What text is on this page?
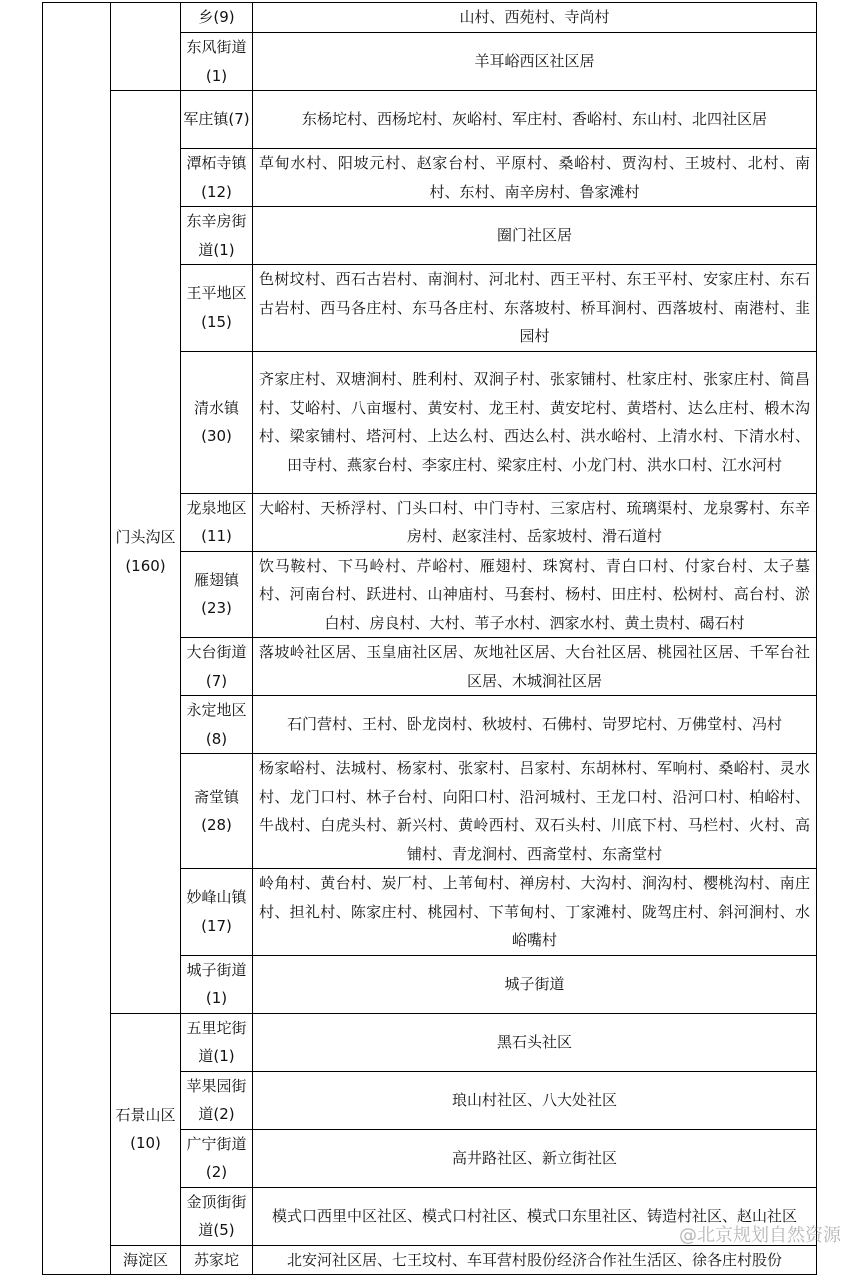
		乡(9)	山村、西苑村、寺尚村
		东风街道(1)	羊耳峪西区社区居
	门头沟区(160)	军庄镇(7)	东杨坨村、西杨坨村、灰峪村、军庄村、香峪村、东山村、北四社区居
		潭柘寺镇(12)	草甸水村、阳坡元村、赵家台村、平原村、桑峪村、贾沟村、王坡村、北村、南村、东村、南辛房村、鲁家滩村
		东辛房街道(1)	圈门社区居
		王平地区(15)	色树坟村、西石古岩村、南涧村、河北村、西王平村、东王平村、安家庄村、东石古岩村、西马各庄村、东马各庄村、东落坡村、桥耳涧村、西落坡村、南港村、韭园村
		清水镇(30)	齐家庄村、双塘涧村、胜利村、双涧子村、张家铺村、杜家庄村、张家庄村、简昌村、艾峪村、八亩堰村、黄安村、龙王村、黄安坨村、黄塔村、达么庄村、椴木沟村、梁家铺村、塔河村、上达么村、西达么村、洪水峪村、上清水村、下清水村、田寺村、燕家台村、李家庄村、梁家庄村、小龙门村、洪水口村、江水河村
		龙泉地区(11)	大峪村、天桥浮村、门头口村、中门寺村、三家店村、琉璃渠村、龙泉雾村、东辛房村、赵家洼村、岳家坡村、滑石道村
		雁翅镇(23)	饮马鞍村、下马岭村、芹峪村、雁翅村、珠窝村、青白口村、付家台村、太子墓村、河南台村、跃进村、山神庙村、马套村、杨村、田庄村、松树村、高台村、淤白村、房良村、大村、苇子水村、泗家水村、黄土贵村、碣石村
		大台街道(7)	落坡岭社区居、玉皇庙社区居、灰地社区居、大台社区居、桃园社区居、千军台社区居、木城涧社区居
		永定地区(8)	石门营村、王村、卧龙岗村、秋坡村、石佛村、岢罗坨村、万佛堂村、冯村
		斋堂镇(28)	杨家峪村、法城村、杨家村、张家村、吕家村、东胡林村、军响村、桑峪村、灵水村、龙门口村、林子台村、向阳口村、沿河城村、王龙口村、沿河口村、柏峪村、牛战村、白虎头村、新兴村、黄岭西村、双石头村、川底下村、马栏村、火村、高铺村、青龙涧村、西斋堂村、东斋堂村
		妙峰山镇(17)	岭角村、黄台村、炭厂村、上苇甸村、禅房村、大沟村、涧沟村、樱桃沟村、南庄村、担礼村、陈家庄村、桃园村、下苇甸村、丁家滩村、陇驾庄村、斜河涧村、水峪嘴村
		城子街道(1)	城子街道
	石景山区(10)	五里坨街道(1)	黑石头社区
		苹果园街道(2)	琅山村社区、八大处社区
		广宁街道(2)	高井路社区、新立街社区
		金顶街街道(5)	模式口西里中区社区、模式口村社区、模式口东里社区、铸造村社区、赵山社区
	海淀区	苏家坨	北安河社区居、七王坟村、车耳营村股份经济合作社生活区、徐各庄村股份
@北京规划自然资源
